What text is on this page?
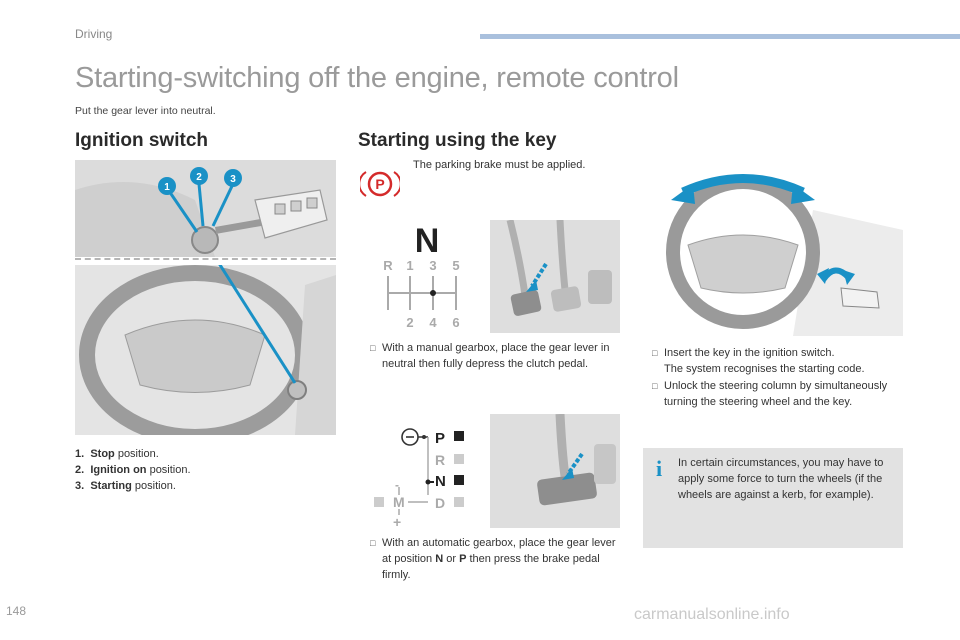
Driving
Starting-switching off the engine, remote control
Put the gear lever into neutral.
Ignition switch
1
2	3
1. Stop position.
2. Ignition on position.
3. Starting position.
Starting using the key
P
The parking brake must be applied.
N
R 1 3 5
2 4 6
□ With a manual gearbox, place the gear lever in neutral then fully depress the clutch pedal.
P
R
N
D
M
-
+
□ With an automatic gearbox, place the gear lever at position N or P then press the brake pedal firmly.
□ Insert the key in the ignition switch.
The system recognises the starting code.
□ Unlock the steering column by simultaneously turning the steering wheel and the key.
i In certain circumstances, you may have to apply some force to turn the wheels (if the wheels are against a kerb, for example).
148	carmanualsonline.info
